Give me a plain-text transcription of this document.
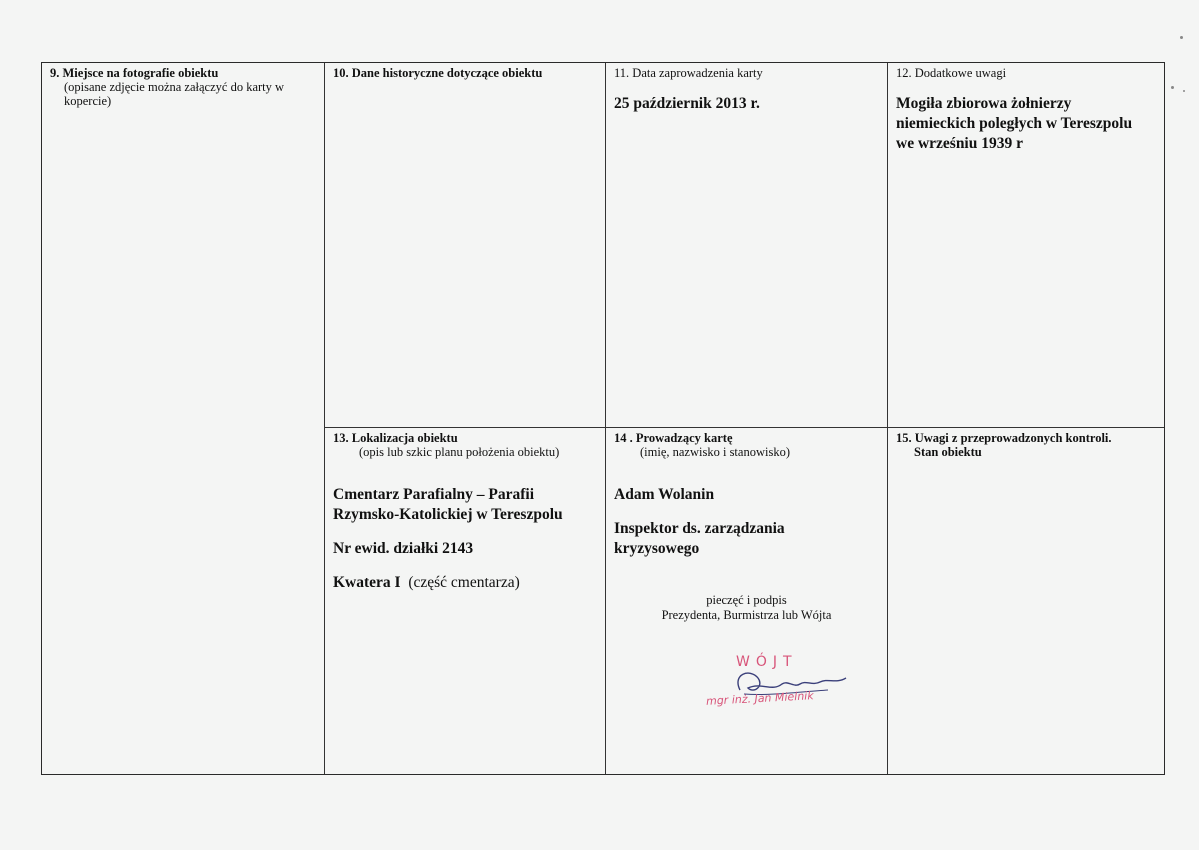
9. Miejsce na fotografie obiektu
(opisane zdjęcie można załączyć do karty w kopercie)
10. Dane historyczne dotyczące obiektu	11. Data zaprowadzenia karty
25 październik 2013 r.
12. Dodatkowe uwagi
Mogiła zbiorowa żołnierzy niemieckich poległych w Tereszpolu we wrześniu 1939 r
13. Lokalizacja obiektu
(opis lub szkic planu położenia obiektu)
Cmentarz Parafialny – Parafii Rzymsko-Katolickiej w Tereszpolu
Nr ewid. działki 2143
Kwatera I (część cmentarza)
14 . Prowadzący kartę
(imię, nazwisko i stanowisko)
Adam Wolanin
Inspektor ds. zarządzania kryzysowego
pieczęć i podpis
Prezydenta, Burmistrza lub Wójta
15. Uwagi z przeprowadzonych kontroli.
Stan obiektu
WÓJT
mgr inż. Jan Mielnik
